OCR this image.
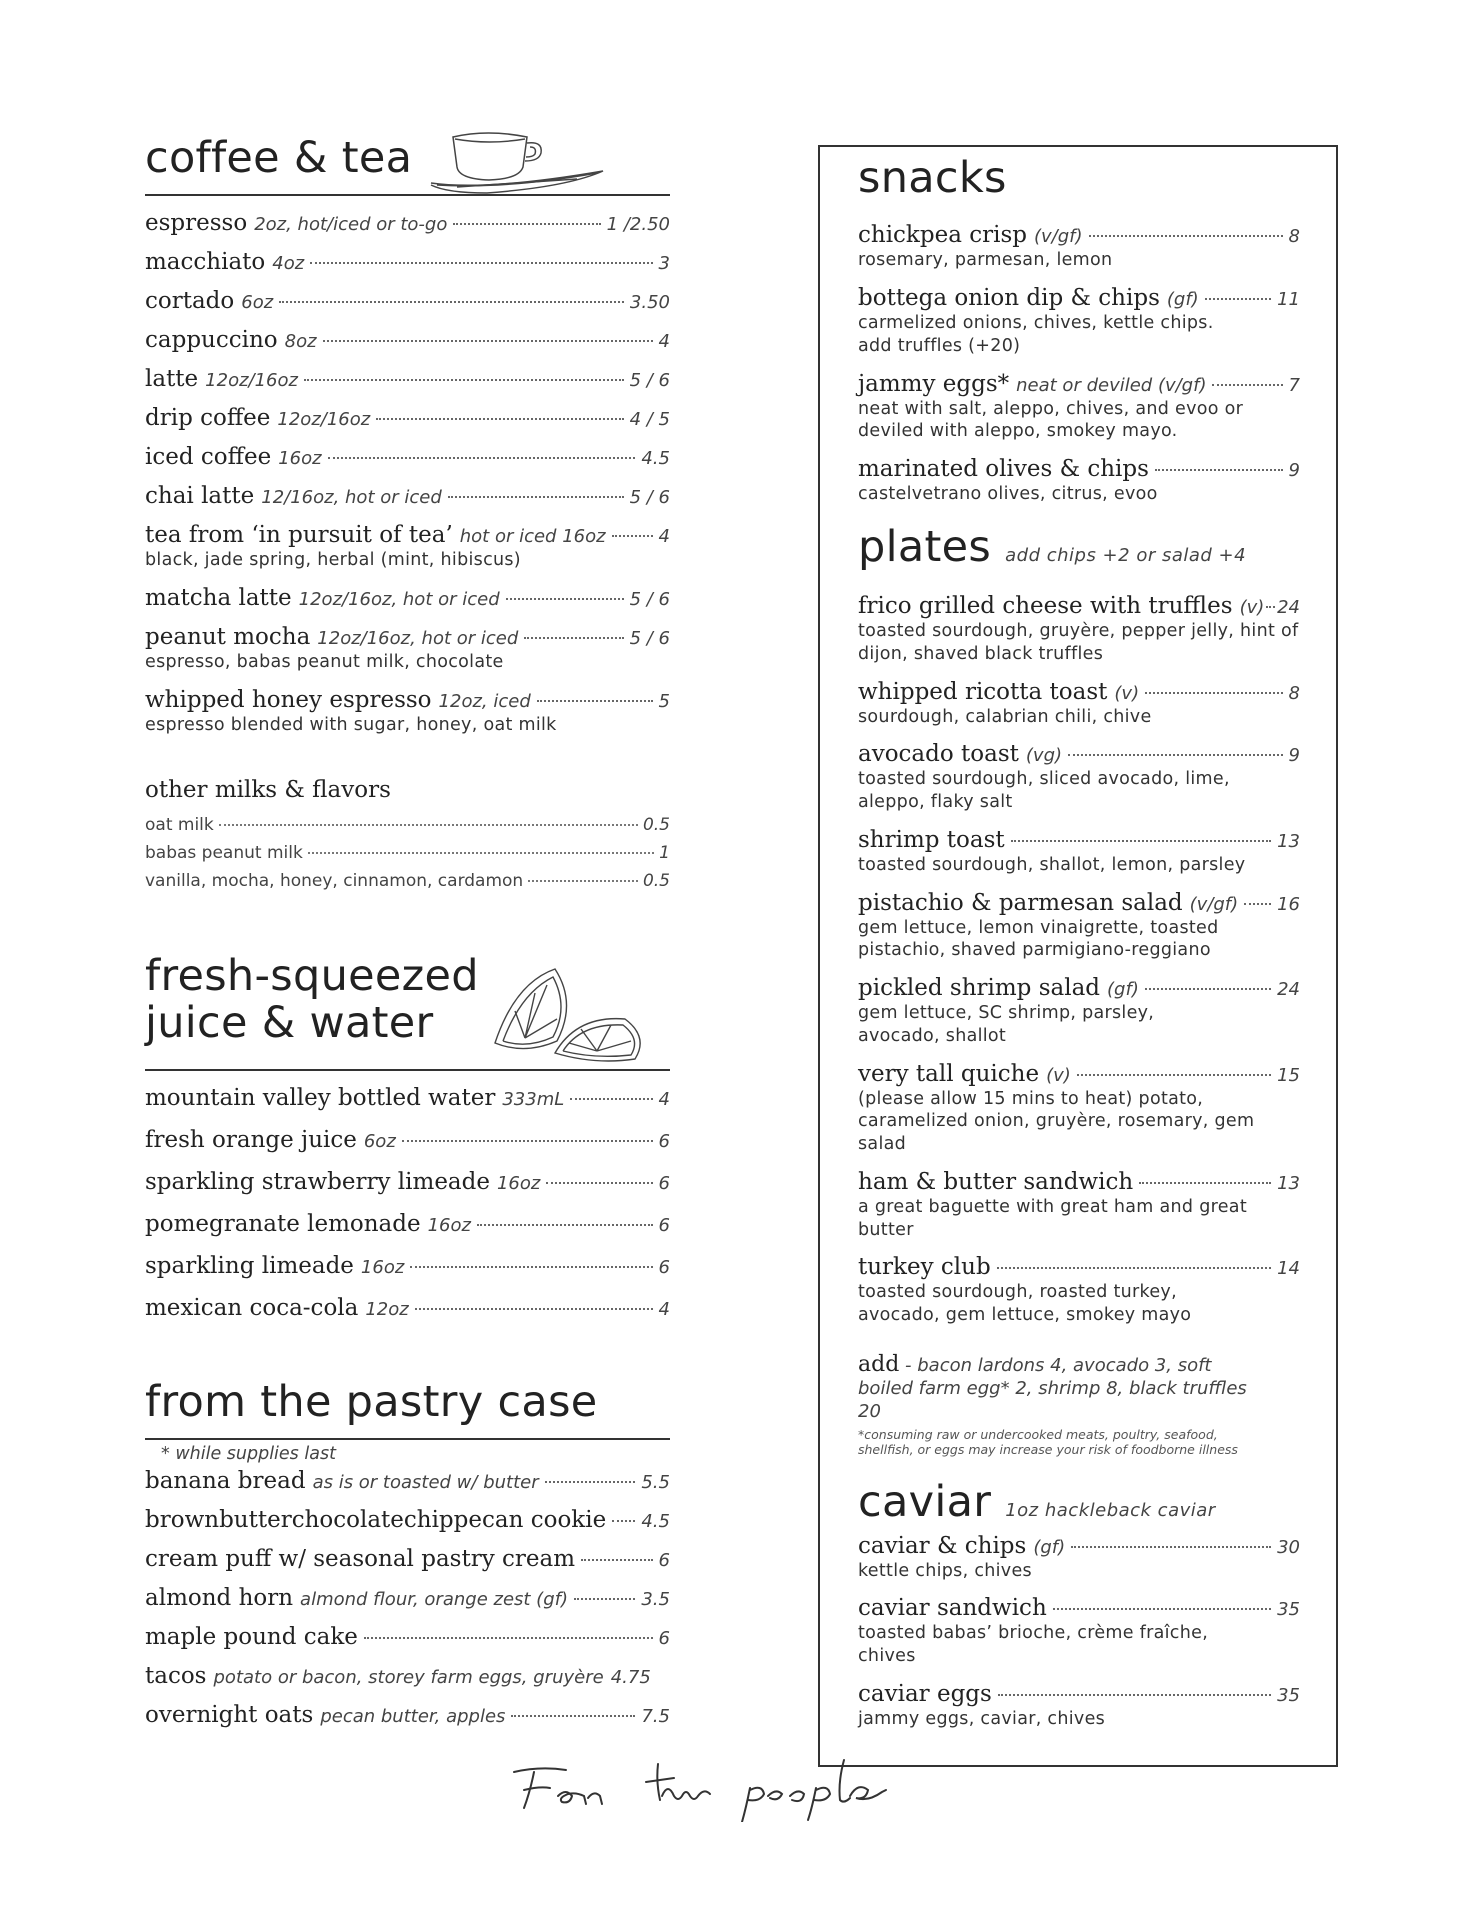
coffee & tea
espresso 2oz, hot/iced or to-go	1 /2.50
macchiato 4oz	3
cortado 6oz	3.50
cappuccino 8oz	4
latte 12oz/16oz	5 / 6
drip coffee 12oz/16oz	4 / 5
iced coffee 16oz	4.5
chai latte 12/16oz, hot or iced	5 / 6
tea from ‘in pursuit of tea’ hot or iced 16oz	4
black, jade spring, herbal (mint, hibiscus)
matcha latte 12oz/16oz, hot or iced	5 / 6
peanut mocha 12oz/16oz, hot or iced	5 / 6
espresso, babas peanut milk, chocolate
whipped honey espresso 12oz, iced	5
espresso blended with sugar, honey, oat milk
other milks & flavors
oat milk	0.5
babas peanut milk	1
vanilla, mocha, honey, cinnamon, cardamon	0.5
fresh-squeezed
juice & water
mountain valley bottled water 333mL	4
fresh orange juice 6oz	6
sparkling strawberry limeade 16oz	6
pomegranate lemonade 16oz	6
sparkling limeade 16oz	6
mexican coca-cola 12oz	4
from the pastry case
* while supplies last
banana bread as is or toasted w/ butter	5.5
brownbutterchocolatechippecan cookie 4.5
cream puff w/ seasonal pastry cream	6
almond horn almond flour, orange zest (gf)	3.5
maple pound cake	6
tacos potato or bacon, storey farm eggs, gruyère 4.75
overnight oats pecan butter, apples	7.5
snacks
chickpea crisp (v/gf)	8
rosemary, parmesan, lemon
bottega onion dip & chips (gf)	11
carmelized onions, chives, kettle chips. add truffles (+20)
jammy eggs* neat or deviled (v/gf)	7
neat with salt, aleppo, chives, and evoo or deviled with aleppo, smokey mayo.
marinated olives & chips	9
castelvetrano olives, citrus, evoo
plates add chips +2 or salad +4
frico grilled cheese with truffles (v) 24
toasted sourdough, gruyère, pepper jelly, hint of dijon, shaved black truffles
whipped ricotta toast (v)	8
sourdough, calabrian chili, chive
avocado toast (vg)	9
toasted sourdough, sliced avocado, lime, aleppo, flaky salt
shrimp toast	13
toasted sourdough, shallot, lemon, parsley
pistachio & parmesan salad (v/gf) 16
gem lettuce, lemon vinaigrette, toasted pistachio, shaved parmigiano-reggiano
pickled shrimp salad (gf)	24
gem lettuce, SC shrimp, parsley, avocado, shallot
very tall quiche (v)	15
(please allow 15 mins to heat) potato, caramelized onion, gruyère, rosemary, gem salad
ham & butter sandwich	13
a great baguette with great ham and great butter
turkey club	14
toasted sourdough, roasted turkey, avocado, gem lettuce, smokey mayo
add - bacon lardons 4, avocado 3, soft boiled farm egg* 2, shrimp 8, black truffles 20
*consuming raw or undercooked meats, poultry, seafood, shellfish, or eggs may increase your risk of foodborne illness
caviar 1oz hackleback caviar
caviar & chips (gf)	30
kettle chips, chives
caviar sandwich	35
toasted babas’ brioche, crème fraîche, chives
caviar eggs	35
jammy eggs, caviar, chives
For the people
